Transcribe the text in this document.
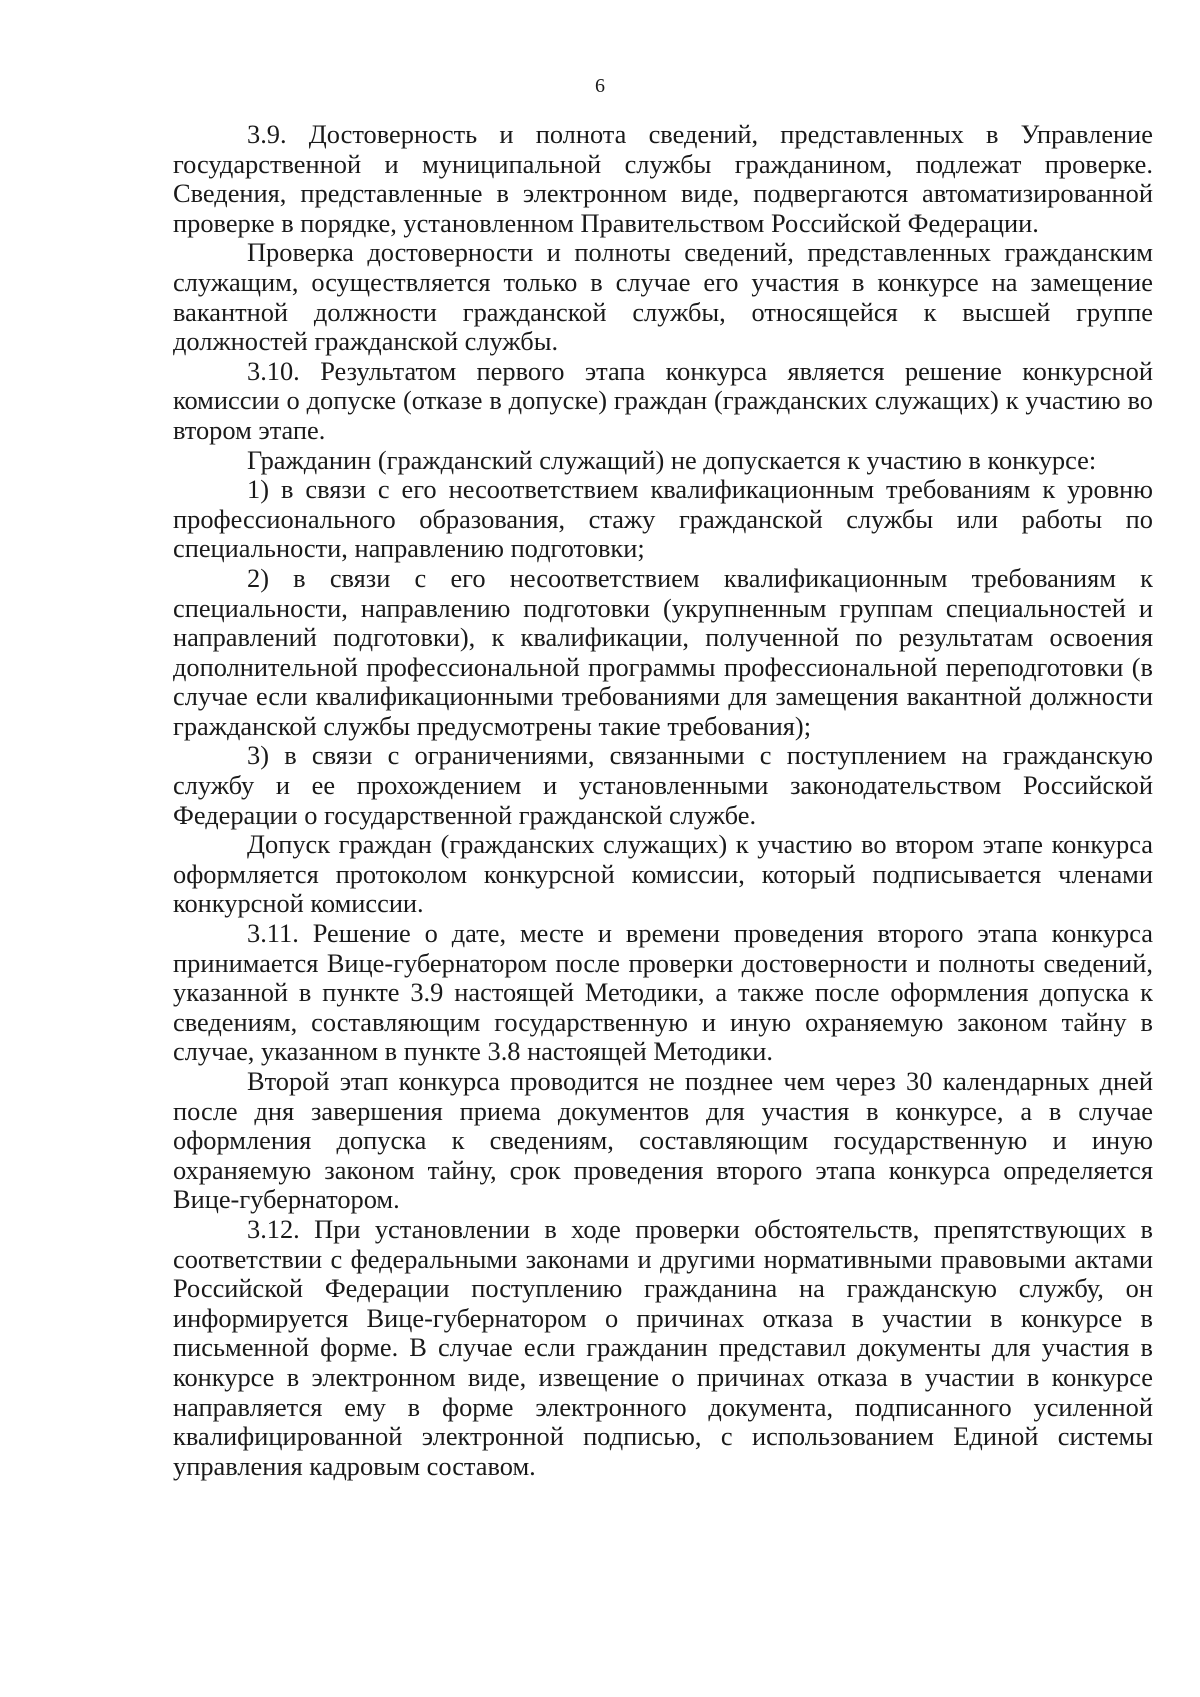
6

3.9. Достоверность и полнота сведений, представленных в Управление государственной и муниципальной службы гражданином, подлежат проверке. Сведения, представленные в электронном виде, подвергаются автоматизированной проверке в порядке, установленном Правительством Российской Федерации.

Проверка достоверности и полноты сведений, представленных гражданским служащим, осуществляется только в случае его участия в конкурсе на замещение вакантной должности гражданской службы, относящейся к высшей группе должностей гражданской службы.

3.10. Результатом первого этапа конкурса является решение конкурсной комиссии о допуске (отказе в допуске) граждан (гражданских служащих) к участию во втором этапе.

Гражданин (гражданский служащий) не допускается к участию в конкурсе:

1) в связи с его несоответствием квалификационным требованиям к уровню профессионального образования, стажу гражданской службы или работы по специальности, направлению подготовки;

2) в связи с его несоответствием квалификационным требованиям к специальности, направлению подготовки (укрупненным группам специальностей и направлений подготовки), к квалификации, полученной по результатам освоения дополнительной профессиональной программы профессиональной переподготовки (в случае если квалификационными требованиями для замещения вакантной должности гражданской службы предусмотрены такие требования);

3) в связи с ограничениями, связанными с поступлением на гражданскую службу и ее прохождением и установленными законодательством Российской Федерации о государственной гражданской службе.

Допуск граждан (гражданских служащих) к участию во втором этапе конкурса оформляется протоколом конкурсной комиссии, который подписывается членами конкурсной комиссии.

3.11. Решение о дате, месте и времени проведения второго этапа конкурса принимается Вице-губернатором после проверки достоверности и полноты сведений, указанной в пункте 3.9 настоящей Методики, а также после оформления допуска к сведениям, составляющим государственную и иную охраняемую законом тайну в случае, указанном в пункте 3.8 настоящей Методики.

Второй этап конкурса проводится не позднее чем через 30 календарных дней после дня завершения приема документов для участия в конкурсе, а в случае оформления допуска к сведениям, составляющим государственную и иную охраняемую законом тайну, срок проведения второго этапа конкурса определяется Вице-губернатором.

3.12. При установлении в ходе проверки обстоятельств, препятствующих в соответствии с федеральными законами и другими нормативными правовыми актами Российской Федерации поступлению гражданина на гражданскую службу, он информируется Вице-губернатором о причинах отказа в участии в конкурсе в письменной форме. В случае если гражданин представил документы для участия в конкурсе в электронном виде, извещение о причинах отказа в участии в конкурсе направляется ему в форме электронного документа, подписанного усиленной квалифицированной электронной подписью, с использованием Единой системы управления кадровым составом.
